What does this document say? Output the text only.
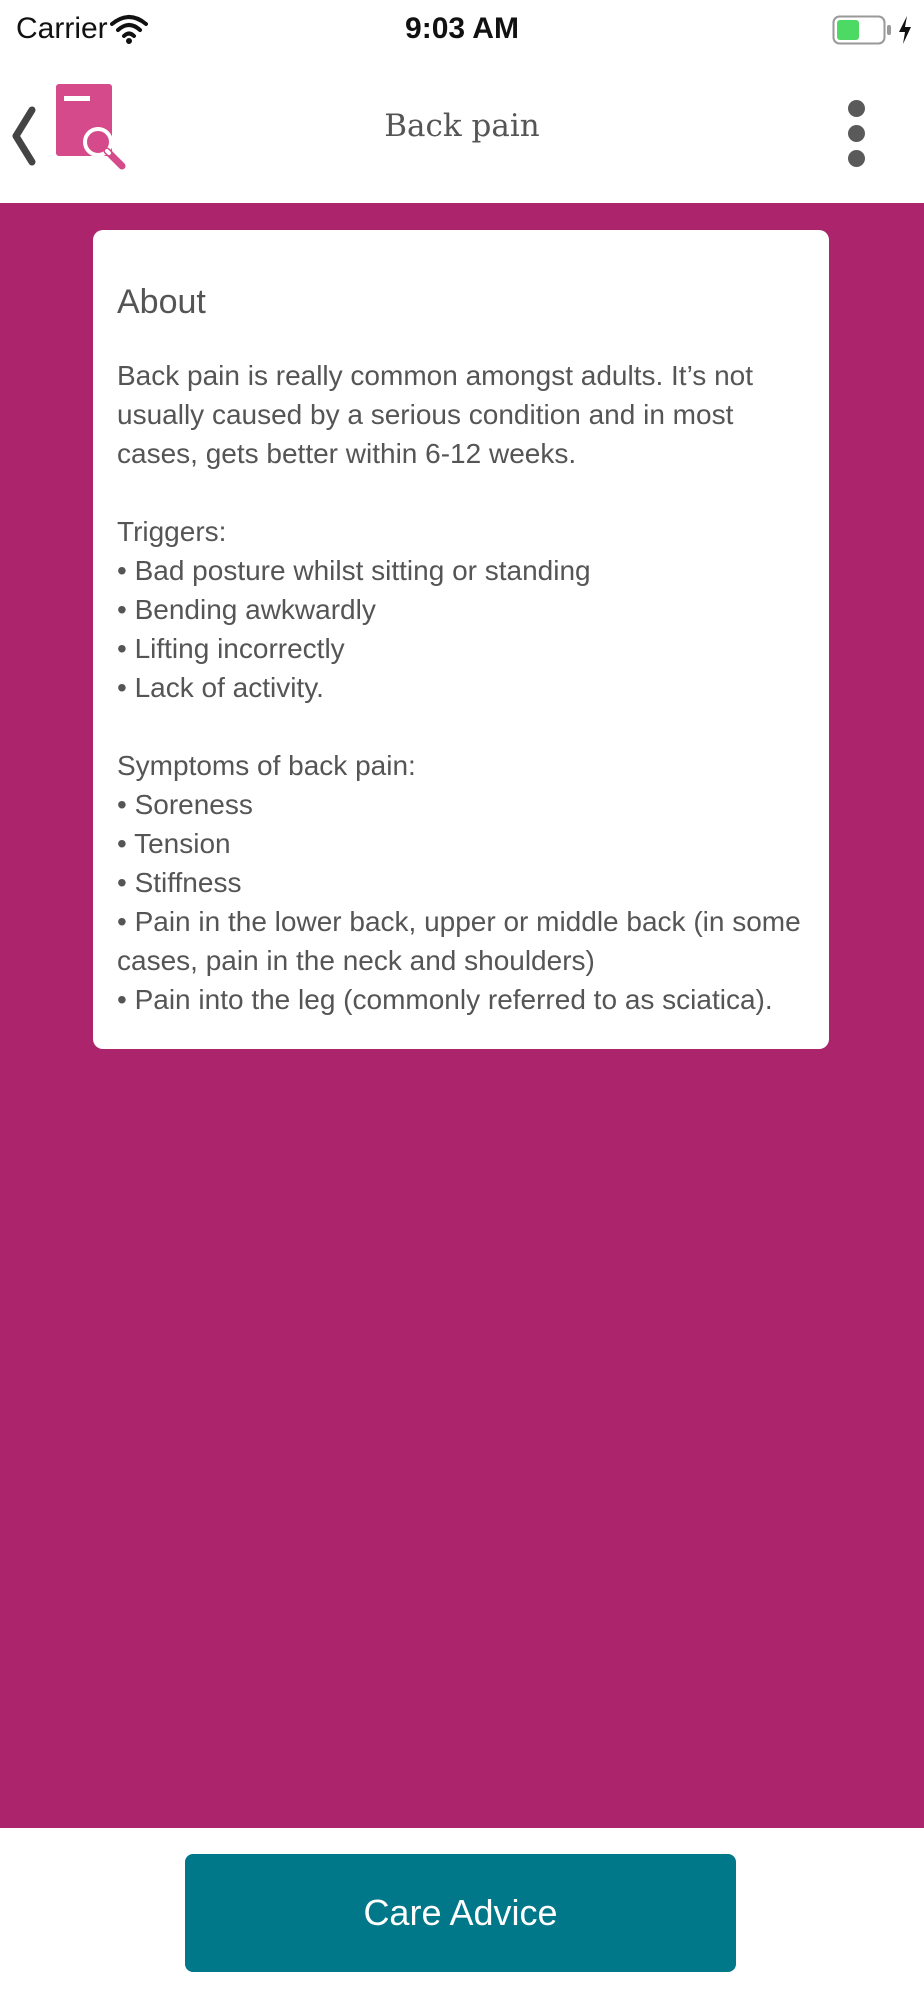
Carrier	9:03 AM
Back pain
About

Back pain is really common amongst adults. It’s not usually caused by a serious condition and in most cases, gets better within 6-12 weeks.

Triggers:
• Bad posture whilst sitting or standing
• Bending awkwardly
• Lifting incorrectly
• Lack of activity.

Symptoms of back pain:
• Soreness
• Tension
• Stiffness
• Pain in the lower back, upper or middle back (in some cases, pain in the neck and shoulders)
• Pain into the leg (commonly referred to as sciatica).

Care Advice
